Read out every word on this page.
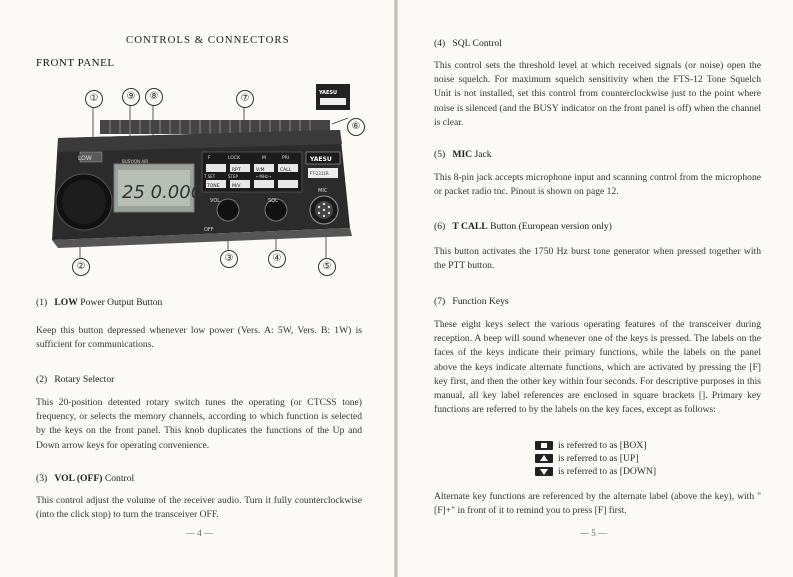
CONTROLS & CONNECTORS
FRONT PANEL
①	⑨	⑧	⑦
⑥
②
③	④
⑤
LOW	BUSY/ON AIR
25 0.000
YAESU
FT-2311R
YAESU
F	LOCK	M	PRI
RPT	V/M	CALL
T SET	STEP	←MHz→
TONE	M/V
VOL
OFF
SQL
MIC
(1) LOW Power Output Button
Keep this button depressed whenever low power (Vers. A: 5W, Vers. B: 1W) is sufficient for communications.
(2) Rotary Selector
This 20-position detented rotary switch tunes the operating (or CTCSS tone) frequency, or selects the memory channels, according to which function is selected by the keys on the front panel. This knob duplicates the functions of the Up and Down arrow keys for operating convenience.
(3) VOL (OFF) Control
This control adjust the volume of the receiver audio. Turn it fully counterclockwise (into the click stop) to turn the transceiver OFF.
— 4 —
(4) SQL Control
This control sets the threshold level at which received signals (or noise) open the noise squelch. For maximum squelch sensitivity when the FTS-12 Tone Squelch Unit is not installed, set this control from counterclockwise just to the point where noise is silenced (and the BUSY indicator on the front panel is off) when the channel is clear.
(5) MIC Jack
This 8-pin jack accepts microphone input and scanning control from the microphone or packet radio tnc. Pinout is shown on page 12.
(6) T CALL Button (European version only)
This button activates the 1750 Hz burst tone generator when pressed together with the PTT button.
(7) Function Keys
These eight keys select the various operating features of the transceiver during reception. A beep will sound whenever one of the keys is pressed. The labels on the faces of the keys indicate their primary functions, while the labels on the panel above the keys indicate alternate functions, which are activated by pressing the [F] key first, and then the other key within four seconds. For descriptive purposes in this manual, all key label references are enclosed in square brackets []. Primary key functions are referred to by the labels on the key faces, except as follows:
is referred to as [BOX]
is referred to as [UP]
is referred to as [DOWN]
Alternate key functions are referenced by the alternate label (above the key), with "[F]+" in front of it to remind you to press [F] first.
— 5 —
